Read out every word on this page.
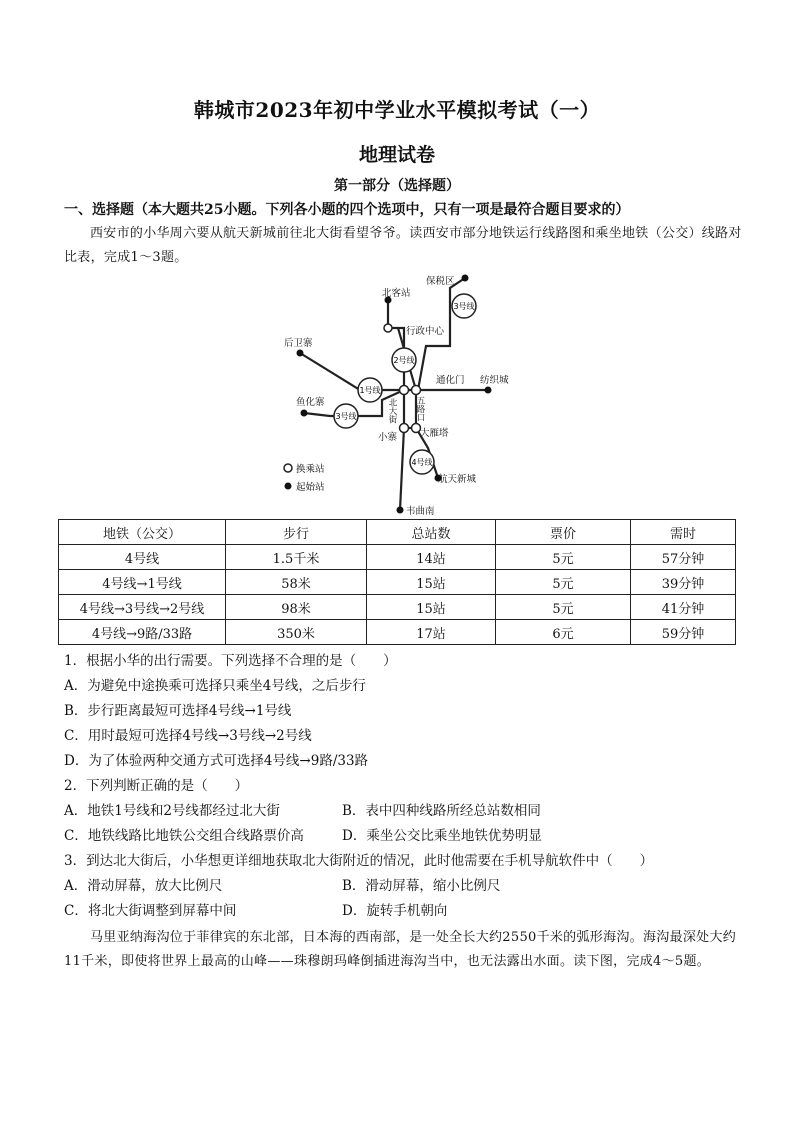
韩城市2023年初中学业水平模拟考试（一）
地理试卷
第一部分（选择题）
一、选择题（本大题共25小题。下列各小题的四个选项中，只有一项是最符合题目要求的）
西安市的小华周六要从航天新城前往北大街看望爷爷。读西安市部分地铁运行线路图和乘坐地铁（公交）线路对比表，完成1～3题。
1号线
2号线
3号线
3号线
4号线
保税区
北客站
行政中心
后卫寨
通化门 纺织城
鱼化寨
小寨 大雁塔
航天新城
韦曲南
北大街 五路口
换乘站
起始站
地铁（公交）	步行	总站数	票价	需时
4号线	1.5千米	14站	5元	57分钟
4号线→1号线	58米	15站	5元	39分钟
4号线→3号线→2号线	98米	15站	5元	41分钟
4号线→9路/33路	350米	17站	6元	59分钟
1．根据小华的出行需要。下列选择不合理的是（　　）
A．为避免中途换乘可选择只乘坐4号线，之后步行
B．步行距离最短可选择4号线→1号线
C．用时最短可选择4号线→3号线→2号线
D．为了体验两种交通方式可选择4号线→9路/33路
2．下列判断正确的是（　　）
A．地铁1号线和2号线都经过北大街	B．表中四种线路所经总站数相同
C．地铁线路比地铁公交组合线路票价高	D．乘坐公交比乘坐地铁优势明显
3．到达北大街后，小华想更详细地获取北大街附近的情况，此时他需要在手机导航软件中（　　）
A．滑动屏幕，放大比例尺	B．滑动屏幕，缩小比例尺
C．将北大街调整到屏幕中间	D．旋转手机朝向
马里亚纳海沟位于菲律宾的东北部，日本海的西南部，是一处全长大约2550千米的弧形海沟。海沟最深处大约11千米，即使将世界上最高的山峰——珠穆朗玛峰倒插进海沟当中，也无法露出水面。读下图，完成4～5题。
